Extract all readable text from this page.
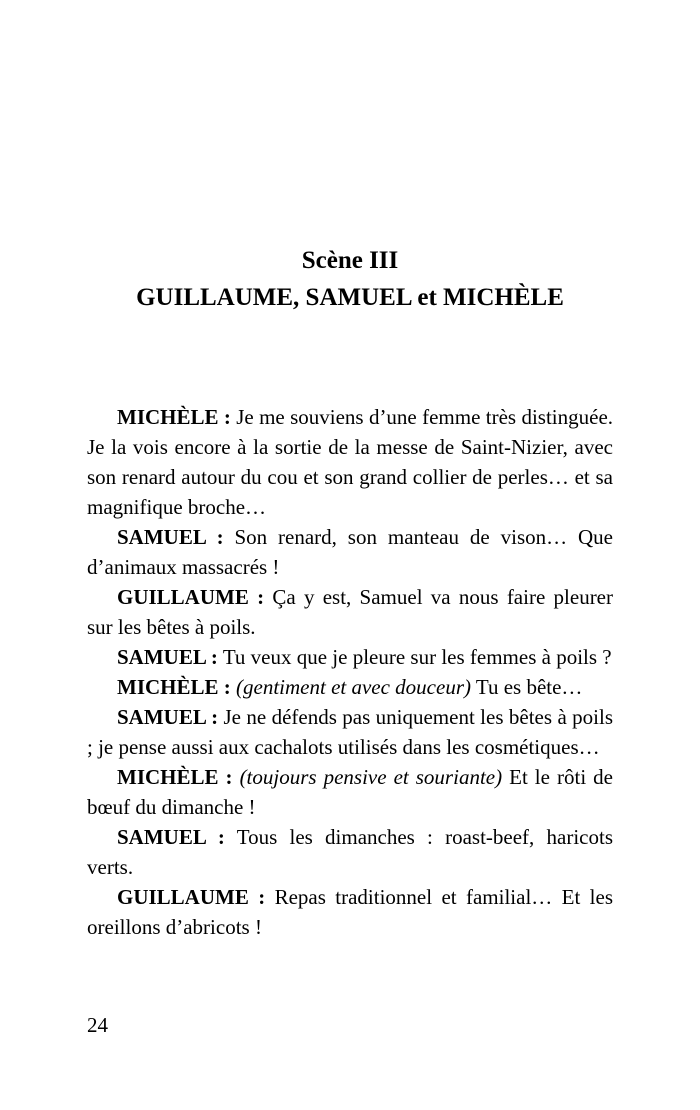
Scène III
GUILLAUME, SAMUEL et MICHÈLE

MICHÈLE : Je me souviens d’une femme très distinguée. Je la vois encore à la sortie de la messe de Saint-Nizier, avec son renard autour du cou et son grand collier de perles… et sa magnifique broche…

SAMUEL : Son renard, son manteau de vison… Que d’animaux massacrés !

GUILLAUME : Ça y est, Samuel va nous faire pleurer sur les bêtes à poils.

SAMUEL : Tu veux que je pleure sur les femmes à poils ?

MICHÈLE : (gentiment et avec douceur) Tu es bête…

SAMUEL : Je ne défends pas uniquement les bêtes à poils ; je pense aussi aux cachalots utilisés dans les cosmétiques…

MICHÈLE : (toujours pensive et souriante) Et le rôti de bœuf du dimanche !

SAMUEL : Tous les dimanches : roast-beef, haricots verts.

GUILLAUME : Repas traditionnel et familial… Et les oreillons d’abricots !

24
